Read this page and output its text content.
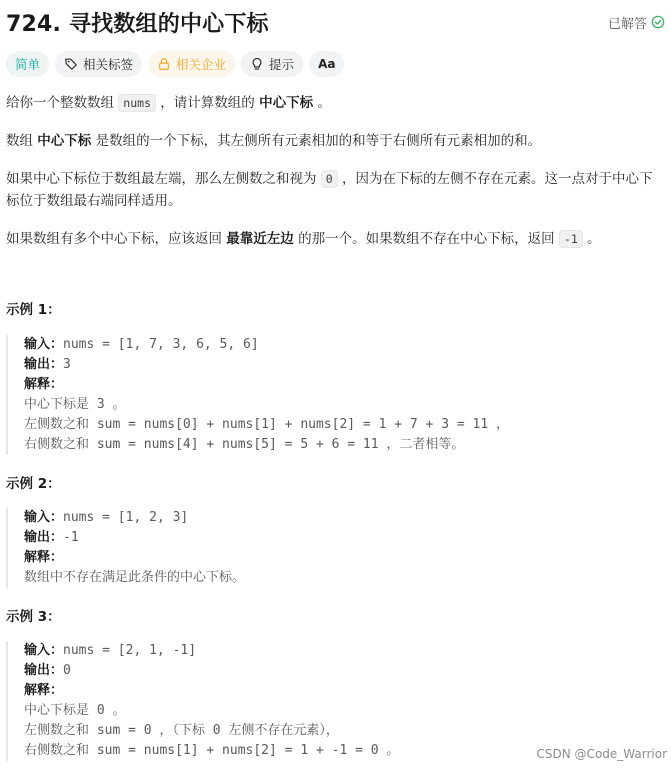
724. 寻找数组的中心下标	已解答
简单	相关标签	相关企业	提示 Aa

给你一个整数数组 nums ，请计算数组的 中心下标 。

数组 中心下标 是数组的一个下标，其左侧所有元素相加的和等于右侧所有元素相加的和。

如果中心下标位于数组最左端，那么左侧数之和视为 0 ，因为在下标的左侧不存在元素。这一点对于中心下标位于数组最右端同样适用。

如果数组有多个中心下标，应该返回 最靠近左边 的那一个。如果数组不存在中心下标，返回 -1 。

示例 1：
输入：nums = [1, 7, 3, 6, 5, 6]
输出：3
解释：
中心下标是 3 。
左侧数之和 sum = nums[0] + nums[1] + nums[2] = 1 + 7 + 3 = 11 ，
右侧数之和 sum = nums[4] + nums[5] = 5 + 6 = 11 ，二者相等。
示例 2：
输入：nums = [1, 2, 3]
输出：-1
解释：
数组中不存在满足此条件的中心下标。
示例 3：
输入：nums = [2, 1, -1]
输出：0
解释：
中心下标是 0 。
左侧数之和 sum = 0 ，（下标 0 左侧不存在元素），
右侧数之和 sum = nums[1] + nums[2] = 1 + -1 = 0 。	CSDN @Code_Warrior
